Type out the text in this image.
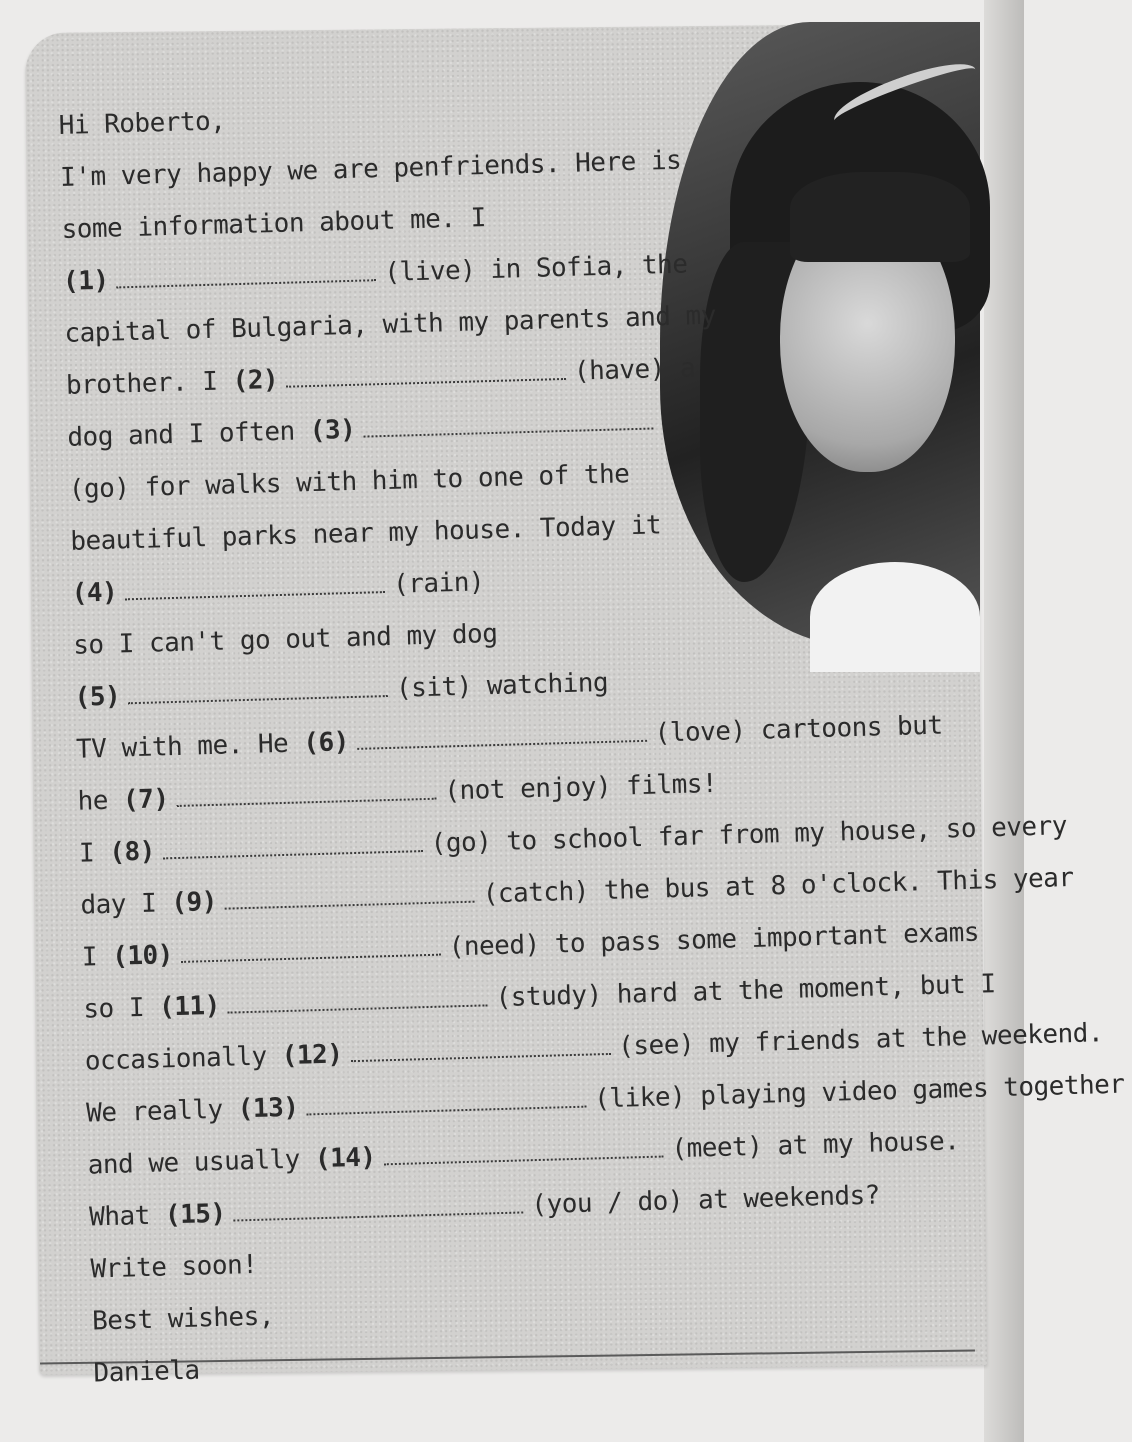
Hi Roberto,
I'm very happy we are penfriends. Here is
some information about me. I
(1)	(live) in Sofia, the
capital of Bulgaria, with my parents and my
brother. I (2)	(have) a
dog and I often (3)
(go) for walks with him to one of the
beautiful parks near my house. Today it
(4)	(rain)
so I can't go out and my dog
(5)	(sit) watching
TV with me. He (6)	(love) cartoons but
he (7)	(not enjoy) films!
I (8)	(go) to school far from my house, so every
day I (9)	(catch) the bus at 8 o'clock. This year
I (10)	(need) to pass some important exams
so I (11)	(study) hard at the moment, but I
occasionally (12)	(see) my friends at the weekend.
We really (13)	(like) playing video games together
and we usually (14)	(meet) at my house.
What (15)	(you / do) at weekends?
Write soon!
Best wishes,
Daniela
